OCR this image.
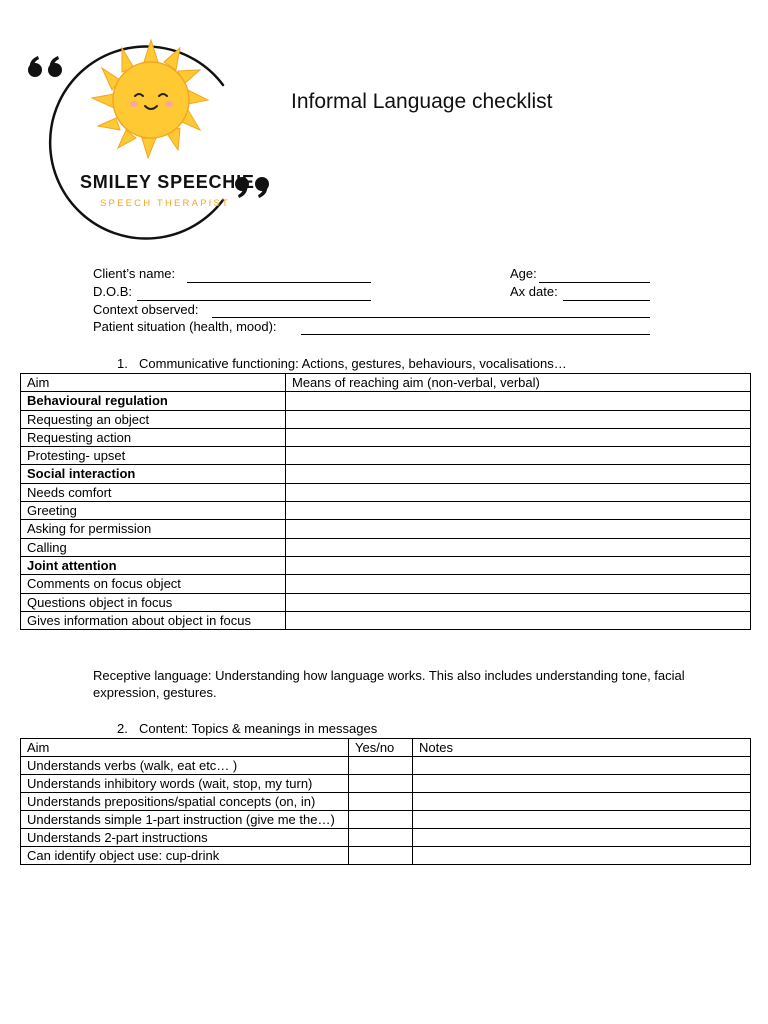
SMILEY SPEECHIE
SPEECH THERAPIST
Informal Language checklist
Client’s name:	Age:
D.O.B:	Ax date:
Context observed:
Patient situation (health, mood):
1. Communicative functioning: Actions, gestures, behaviours, vocalisations…
Aim	Means of reaching aim (non-verbal, verbal)
Behavioural regulation	
Requesting an object	
Requesting action	
Protesting- upset	
Social interaction	
Needs comfort	
Greeting	
Asking for permission	
Calling	
Joint attention	
Comments on focus object	
Questions object in focus	
Gives information about object in focus	
Receptive language: Understanding how language works. This also includes understanding tone, facial expression, gestures.
2. Content: Topics & meanings in messages
Aim	Yes/no	Notes
Understands verbs (walk, eat etc… )		
Understands inhibitory words (wait, stop, my turn)		
Understands prepositions/spatial concepts (on, in)		
Understands simple 1-part instruction (give me the…)		
Understands 2-part instructions		
Can identify object use: cup-drink		
